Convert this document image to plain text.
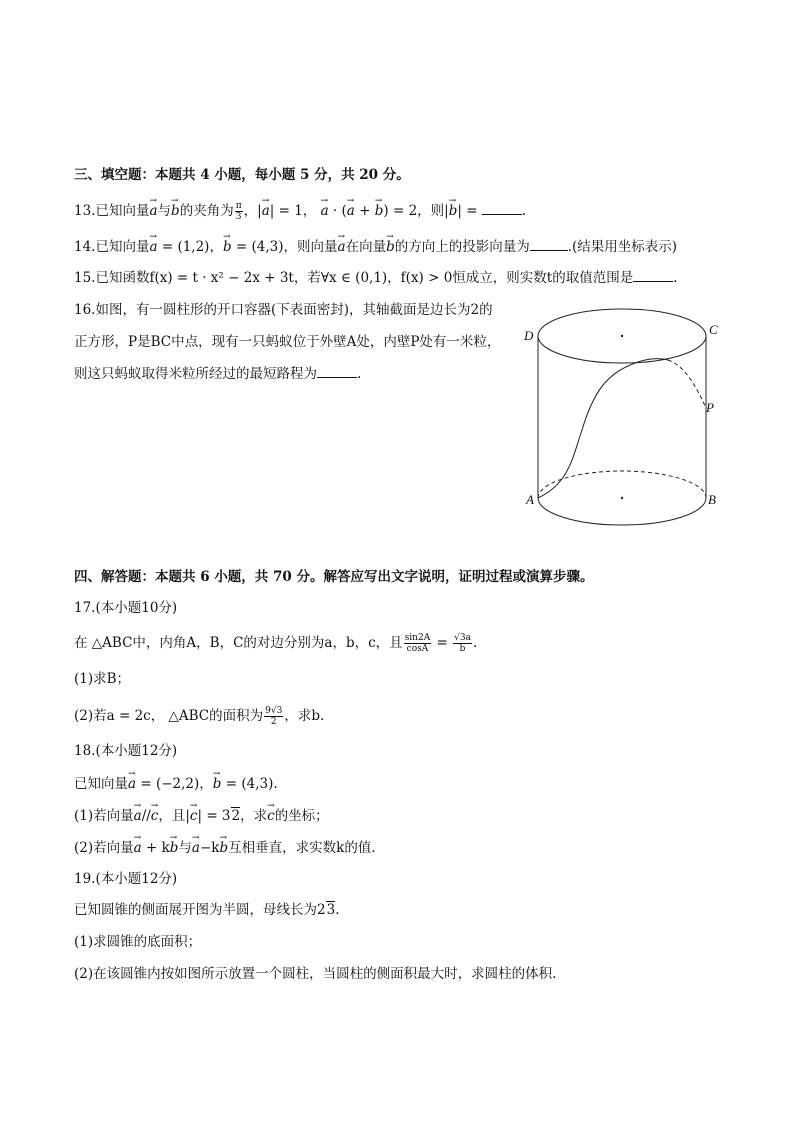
三、填空题：本题共 4 小题，每小题 5 分，共 20 分。
13.已知向量→ a与→ b的夹角为 $\frac{\pi}{3}$ ，|→ a| = 1， → a · (→ a + → b) = 2，则|→ b| =	.
14.已知向量→ a = (1,2)，→ b = (4,3)，则向量→ a在向量→ b的方向上的投影向量为	.(结果用坐标表示)
15.已知函数f(x) = t · x² − 2x + 3t，若∀x ∈ (0,1)，f(x) > 0恒成立，则实数t的取值范围是	.
16.如图，有一圆柱形的开口容器(下表面密封)，其轴截面是边长为2的
正方形，P是BC中点，现有一只蚂蚁位于外壁A处，内壁P处有一米粒，
则这只蚂蚁取得米粒所经过的最短路程为	.
D	C
P
A	B
四、解答题：本题共 6 小题，共 70 分。解答应写出文字说明，证明过程或演算步骤。
17.(本小题10分)
在 △ABC中，内角A，B，C的对边分别为a，b，c，且 $\frac{\sin 2A}{\cos A} = \frac{√3a}{b}$ .
(1)求B；
(2)若a = 2c， △ABC的面积为 $\frac{9√3}{2}$ ，求b.
18.(本小题12分)
已知向量→ a = (−2,2)，→ b = (4,3).
(1)若向量→ a//→ c，且|→ c| = 32，求→ c的坐标；
(2)若向量→ a + k→ b与→ a−k→ b互相垂直，求实数k的值.
19.(本小题12分)
已知圆锥的侧面展开图为半圆，母线长为23.
(1)求圆锥的底面积；
(2)在该圆锥内按如图所示放置一个圆柱，当圆柱的侧面积最大时，求圆柱的体积.
